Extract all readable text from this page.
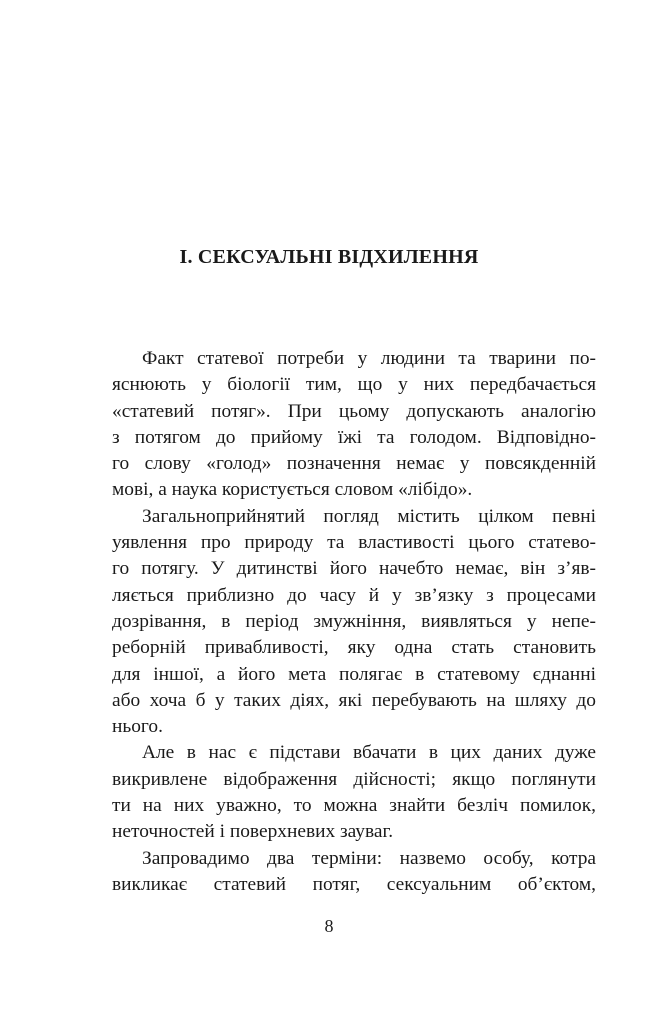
І. СЕКСУАЛЬНІ ВІДХИЛЕННЯ

Факт статевої потреби у людини та тварини по-
яснюють у біології тим, що у них передбачається
«статевий потяг». При цьому допускають аналогію
з потягом до прийому їжі та голодом. Відповідно-
го слову «голод» позначення немає у повсякденній
мові, а наука користується словом «лібідо».

Загальноприйнятий погляд містить цілком певні
уявлення про природу та властивості цього статево-
го потягу. У дитинстві його начебто немає, він з’яв-
ляється приблизно до часу й у зв’язку з процесами
дозрівання, в період змужніння, виявляться у непе-
реборній привабливості, яку одна стать становить
для іншої, а його мета полягає в статевому єднанні
або хоча б у таких діях, які перебувають на шляху до
нього.

Але в нас є підстави вбачати в цих даних дуже
викривлене відображення дійсності; якщо поглянути
ти на них уважно, то можна знайти безліч помилок,
неточностей і поверхневих зауваг.

Запровадимо два терміни: назвемо особу, котра
викликає статевий потяг, сексуальним об’єктом,

8
